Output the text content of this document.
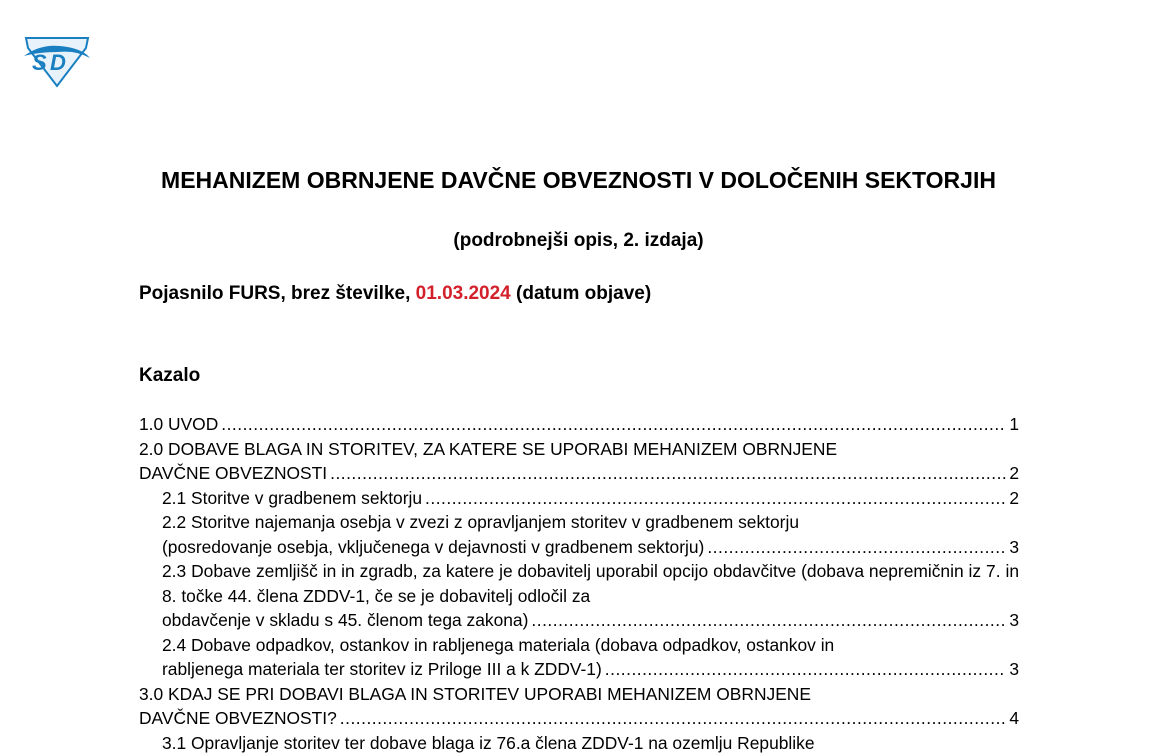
S D
MEHANIZEM OBRNJENE DAVČNE OBVEZNOSTI V DOLOČENIH SEKTORJIH
(podrobnejši opis, 2. izdaja)
Pojasnilo FURS, brez številke, 01.03.2024 (datum objave)
Kazalo
1.0 UVOD .....	1
2.0 DOBAVE BLAGA IN STORITEV, ZA KATERE SE UPORABI MEHANIZEM OBRNJENE
DAVČNE OBVEZNOSTI .....	2
2.1 Storitve v gradbenem sektorju .....	2
2.2 Storitve najemanja osebja v zvezi z opravljanjem storitev v gradbenem sektorju
(posredovanje osebja, vključenega v dejavnosti v gradbenem sektorju) .....	3
2.3 Dobave zemljišč in in zgradb, za katere je dobavitelj uporabil opcijo obdavčitve (dobava nepremičnin iz 7. in 8. točke 44. člena ZDDV-1, če se je dobavitelj odločil za
obdavčenje v skladu s 45. členom tega zakona) .....	3
2.4 Dobave odpadkov, ostankov in rabljenega materiala (dobava odpadkov, ostankov in
rabljenega materiala ter storitev iz Priloge III a k ZDDV-1) .....	3
3.0 KDAJ SE PRI DOBAVI BLAGA IN STORITEV UPORABI MEHANIZEM OBRNJENE
DAVČNE OBVEZNOSTI? .....	4
3.1 Opravljanje storitev ter dobave blaga iz 76.a člena ZDDV-1 na ozemlju Republike
